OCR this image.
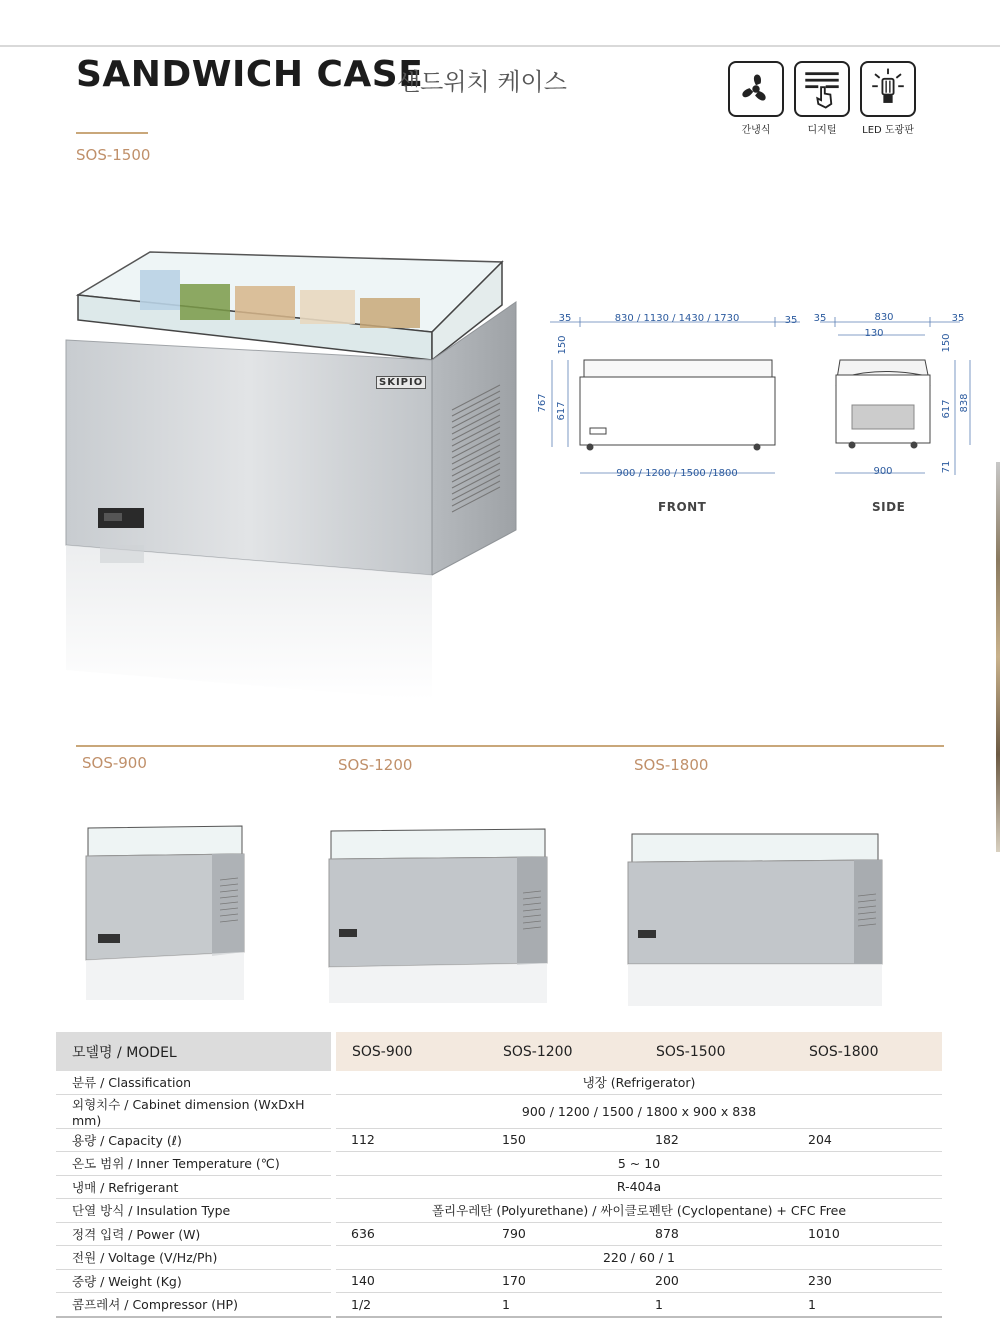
SANDWICH CASE
샌드위치 케이스
SOS-1500
간냉식	디지털	LED 도광판
SKIPIO
35	830 / 1130 / 1430 / 1730	35
150
767 617
900 / 1200 / 1500 /1800
35	830
130
35
150
617 838
71
900
FRONT	SIDE
SOS-900	SOS-1200	SOS-1800
모델명 / MODEL		SOS-900	SOS-1200	SOS-1500	SOS-1800
분류 / Classification		냉장 (Refrigerator)			
외형치수 / Cabinet dimension (WxDxH mm)		900 / 1200 / 1500 / 1800 x 900 x 838			
용량 / Capacity (ℓ)		112	150	182	204
온도 범위 / Inner Temperature (℃)		5 ~ 10			
냉매 / Refrigerant		R-404a			
단열 방식 / Insulation Type		폴리우레탄 (Polyurethane) / 싸이클로펜탄 (Cyclopentane) + CFC Free			
정격 입력 / Power (W)		636	790	878	1010
전원 / Voltage (V/Hz/Ph)		220 / 60 / 1			
중량 / Weight (Kg)		140	170	200	230
콤프레셔 / Compressor (HP)		1/2	1	1	1
